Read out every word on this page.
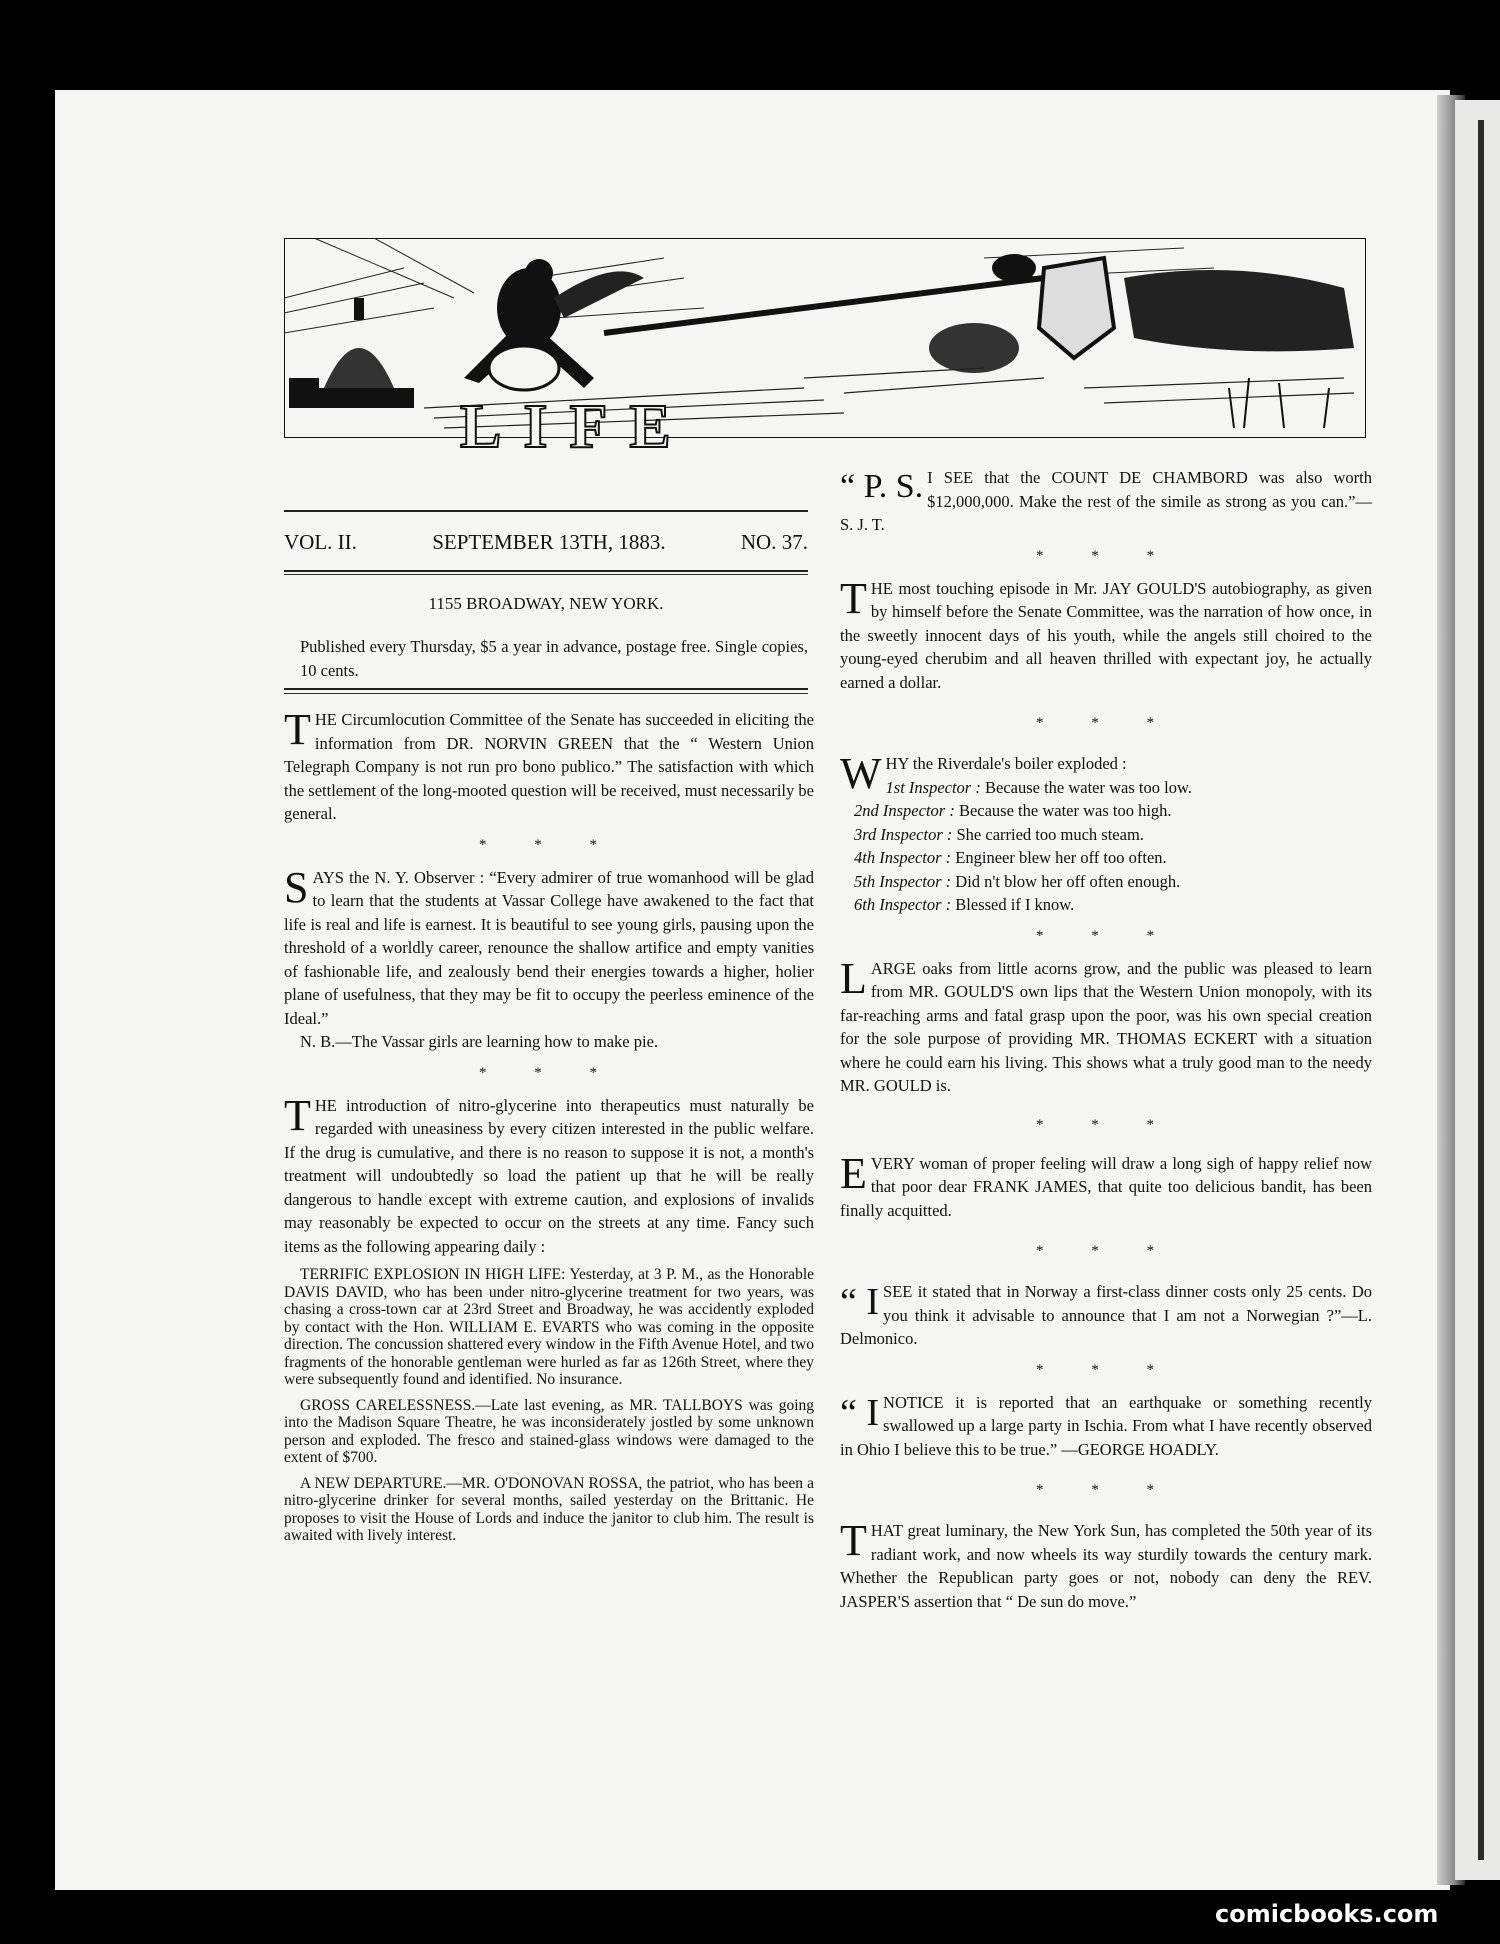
LIFE
VOL. II.	SEPTEMBER 13TH, 1883.	NO. 37.
1155 BROADWAY, NEW YORK.
Published every Thursday, $5 a year in advance, postage free. Single copies, 10 cents.

T HE Circumlocution Committee of the Senate has succeeded in eliciting the information from DR. NORVIN GREEN that the “ Western Union Telegraph Company is not run pro bono publico.” The satisfaction with which the settlement of the long-mooted question will be received, must necessarily be general.

* * *

S AYS the N. Y. Observer : “Every admirer of true womanhood will be glad to learn that the students at Vassar College have awakened to the fact that life is real and life is earnest. It is beautiful to see young girls, pausing upon the threshold of a worldly career, renounce the shallow artifice and empty vanities of fashionable life, and zealously bend their energies towards a higher, holier plane of usefulness, that they may be fit to occupy the peerless eminence of the Ideal.”

N. B.—The Vassar girls are learning how to make pie.

* * *

T HE introduction of nitro-glycerine into therapeutics must naturally be regarded with uneasiness by every citizen interested in the public welfare. If the drug is cumulative, and there is no reason to suppose it is not, a month's treatment will undoubtedly so load the patient up that he will be really dangerous to handle except with extreme caution, and explosions of invalids may reasonably be expected to occur on the streets at any time. Fancy such items as the following appearing daily :

TERRIFIC EXPLOSION IN HIGH LIFE: Yesterday, at 3 P. M., as the Honorable DAVIS DAVID, who has been under nitro-glycerine treatment for two years, was chasing a cross-town car at 23rd Street and Broadway, he was accidently exploded by contact with the Hon. WILLIAM E. EVARTS who was coming in the opposite direction. The concussion shattered every window in the Fifth Avenue Hotel, and two fragments of the honorable gentleman were hurled as far as 126th Street, where they were subsequently found and identified. No insurance.

GROSS CARELESSNESS.—Late last evening, as MR. TALLBOYS was going into the Madison Square Theatre, he was inconsiderately jostled by some unknown person and exploded. The fresco and stained-glass windows were damaged to the extent of $700.

A NEW DEPARTURE.—MR. O'DONOVAN ROSSA, the patriot, who has been a nitro-glycerine drinker for several months, sailed yesterday on the Brittanic. He proposes to visit the House of Lords and induce the janitor to club him. The result is awaited with lively interest.

“ P. S. I SEE that the COUNT DE CHAMBORD was also worth $12,000,000. Make the rest of the simile as strong as you can.”—S. J. T.

* * *

T HE most touching episode in Mr. JAY GOULD'S autobiography, as given by himself before the Senate Committee, was the narration of how once, in the sweetly innocent days of his youth, while the angels still choired to the young-eyed cherubim and all heaven thrilled with expectant joy, he actually earned a dollar.

* * *

W HY the Riverdale's boiler exploded :

1st Inspector : Because the water was too low.
2nd Inspector : Because the water was too high.
3rd Inspector : She carried too much steam.
4th Inspector : Engineer blew her off too often.
5th Inspector : Did n't blow her off often enough.
6th Inspector : Blessed if I know.
* * *

L ARGE oaks from little acorns grow, and the public was pleased to learn from MR. GOULD'S own lips that the Western Union monopoly, with its far-reaching arms and fatal grasp upon the poor, was his own special creation for the sole purpose of providing MR. THOMAS ECKERT with a situation where he could earn his living. This shows what a truly good man to the needy MR. GOULD is.

* * *

E VERY woman of proper feeling will draw a long sigh of happy relief now that poor dear FRANK JAMES, that quite too delicious bandit, has been finally acquitted.

* * *

“ I SEE it stated that in Norway a first-class dinner costs only 25 cents. Do you think it advisable to announce that I am not a Norwegian ?”—L. Delmonico.

* * *

“ I NOTICE it is reported that an earthquake or something recently swallowed up a large party in Ischia. From what I have recently observed in Ohio I believe this to be true.” —GEORGE HOADLY.

* * *

T HAT great luminary, the New York Sun, has completed the 50th year of its radiant work, and now wheels its way sturdily towards the century mark. Whether the Republican party goes or not, nobody can deny the REV. JASPER'S assertion that “ De sun do move.”

comicbooks.com
